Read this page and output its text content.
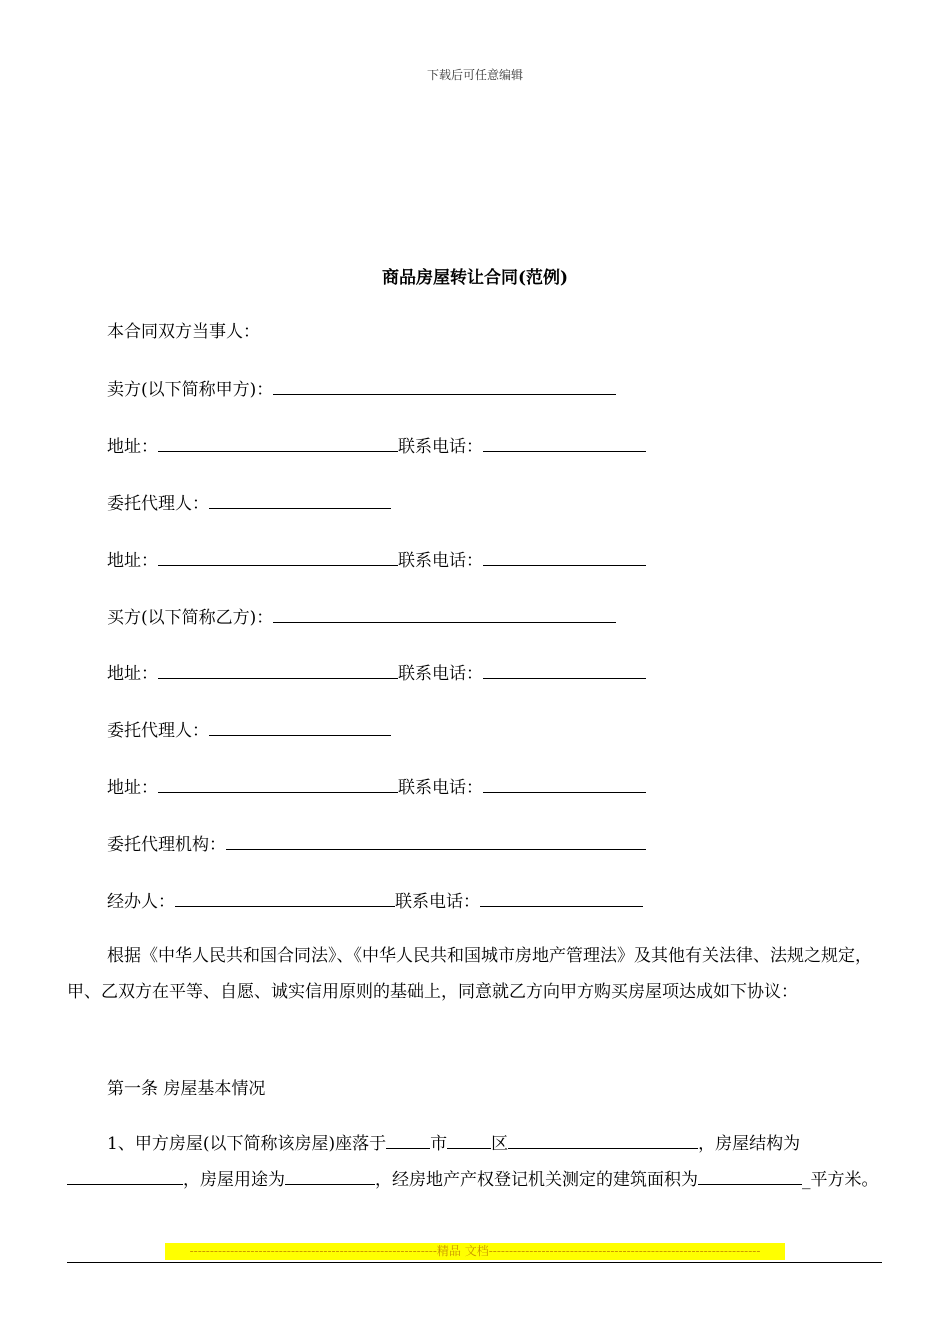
下载后可任意编辑
商品房屋转让合同(范例)
本合同双方当事人：
卖方(以下简称甲方)：
地址：	联系电话：
委托代理人：
地址：	联系电话：
买方(以下简称乙方)：
地址：	联系电话：
委托代理人：
地址：	联系电话：
委托代理机构：
经办人：	联系电话：
根据《中华人民共和国合同法》、《中华人民共和国城市房地产管理法》及其他有关法律、法规之规定，甲、乙双方在平等、自愿、诚实信用原则的基础上，同意就乙方向甲方购买房屋项达成如下协议：
第一条 房屋基本情况
1、甲方房屋(以下简称该房屋)座落于	市	区	，房屋结构为，房屋用途为	，经房地产产权登记机关测定的建筑面积为	_平方米。
-------------------------------------------------------------精品 文档-------------------------------------------------------------------
